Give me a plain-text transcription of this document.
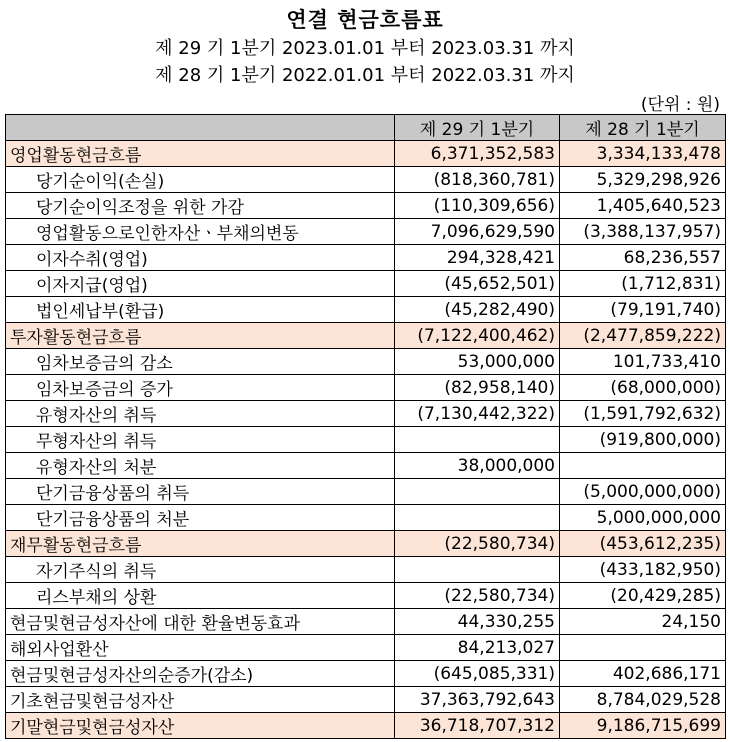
연결 현금흐름표
제 29 기 1분기 2023.01.01 부터 2023.03.31 까지
제 28 기 1분기 2022.01.01 부터 2022.03.31 까지
(단위 : 원)
	제 29 기 1분기	제 28 기 1분기
영업활동현금흐름	6,371,352,583	3,334,133,478
당기순이익(손실)	(818,360,781)	5,329,298,926
당기순이익조정을 위한 가감	(110,309,656)	1,405,640,523
영업활동으로인한자산ㆍ부채의변동	7,096,629,590	(3,388,137,957)
이자수취(영업)	294,328,421	68,236,557
이자지급(영업)	(45,652,501)	(1,712,831)
법인세납부(환급)	(45,282,490)	(79,191,740)
투자활동현금흐름	(7,122,400,462)	(2,477,859,222)
임차보증금의 감소	53,000,000	101,733,410
임차보증금의 증가	(82,958,140)	(68,000,000)
유형자산의 취득	(7,130,442,322)	(1,591,792,632)
무형자산의 취득		(919,800,000)
유형자산의 처분	38,000,000	
단기금융상품의 취득		(5,000,000,000)
단기금융상품의 처분		5,000,000,000
재무활동현금흐름	(22,580,734)	(453,612,235)
자기주식의 취득		(433,182,950)
리스부채의 상환	(22,580,734)	(20,429,285)
현금및현금성자산에 대한 환율변동효과	44,330,255	24,150
해외사업환산	84,213,027	
현금및현금성자산의순증가(감소)	(645,085,331)	402,686,171
기초현금및현금성자산	37,363,792,643	8,784,029,528
기말현금및현금성자산	36,718,707,312	9,186,715,699
